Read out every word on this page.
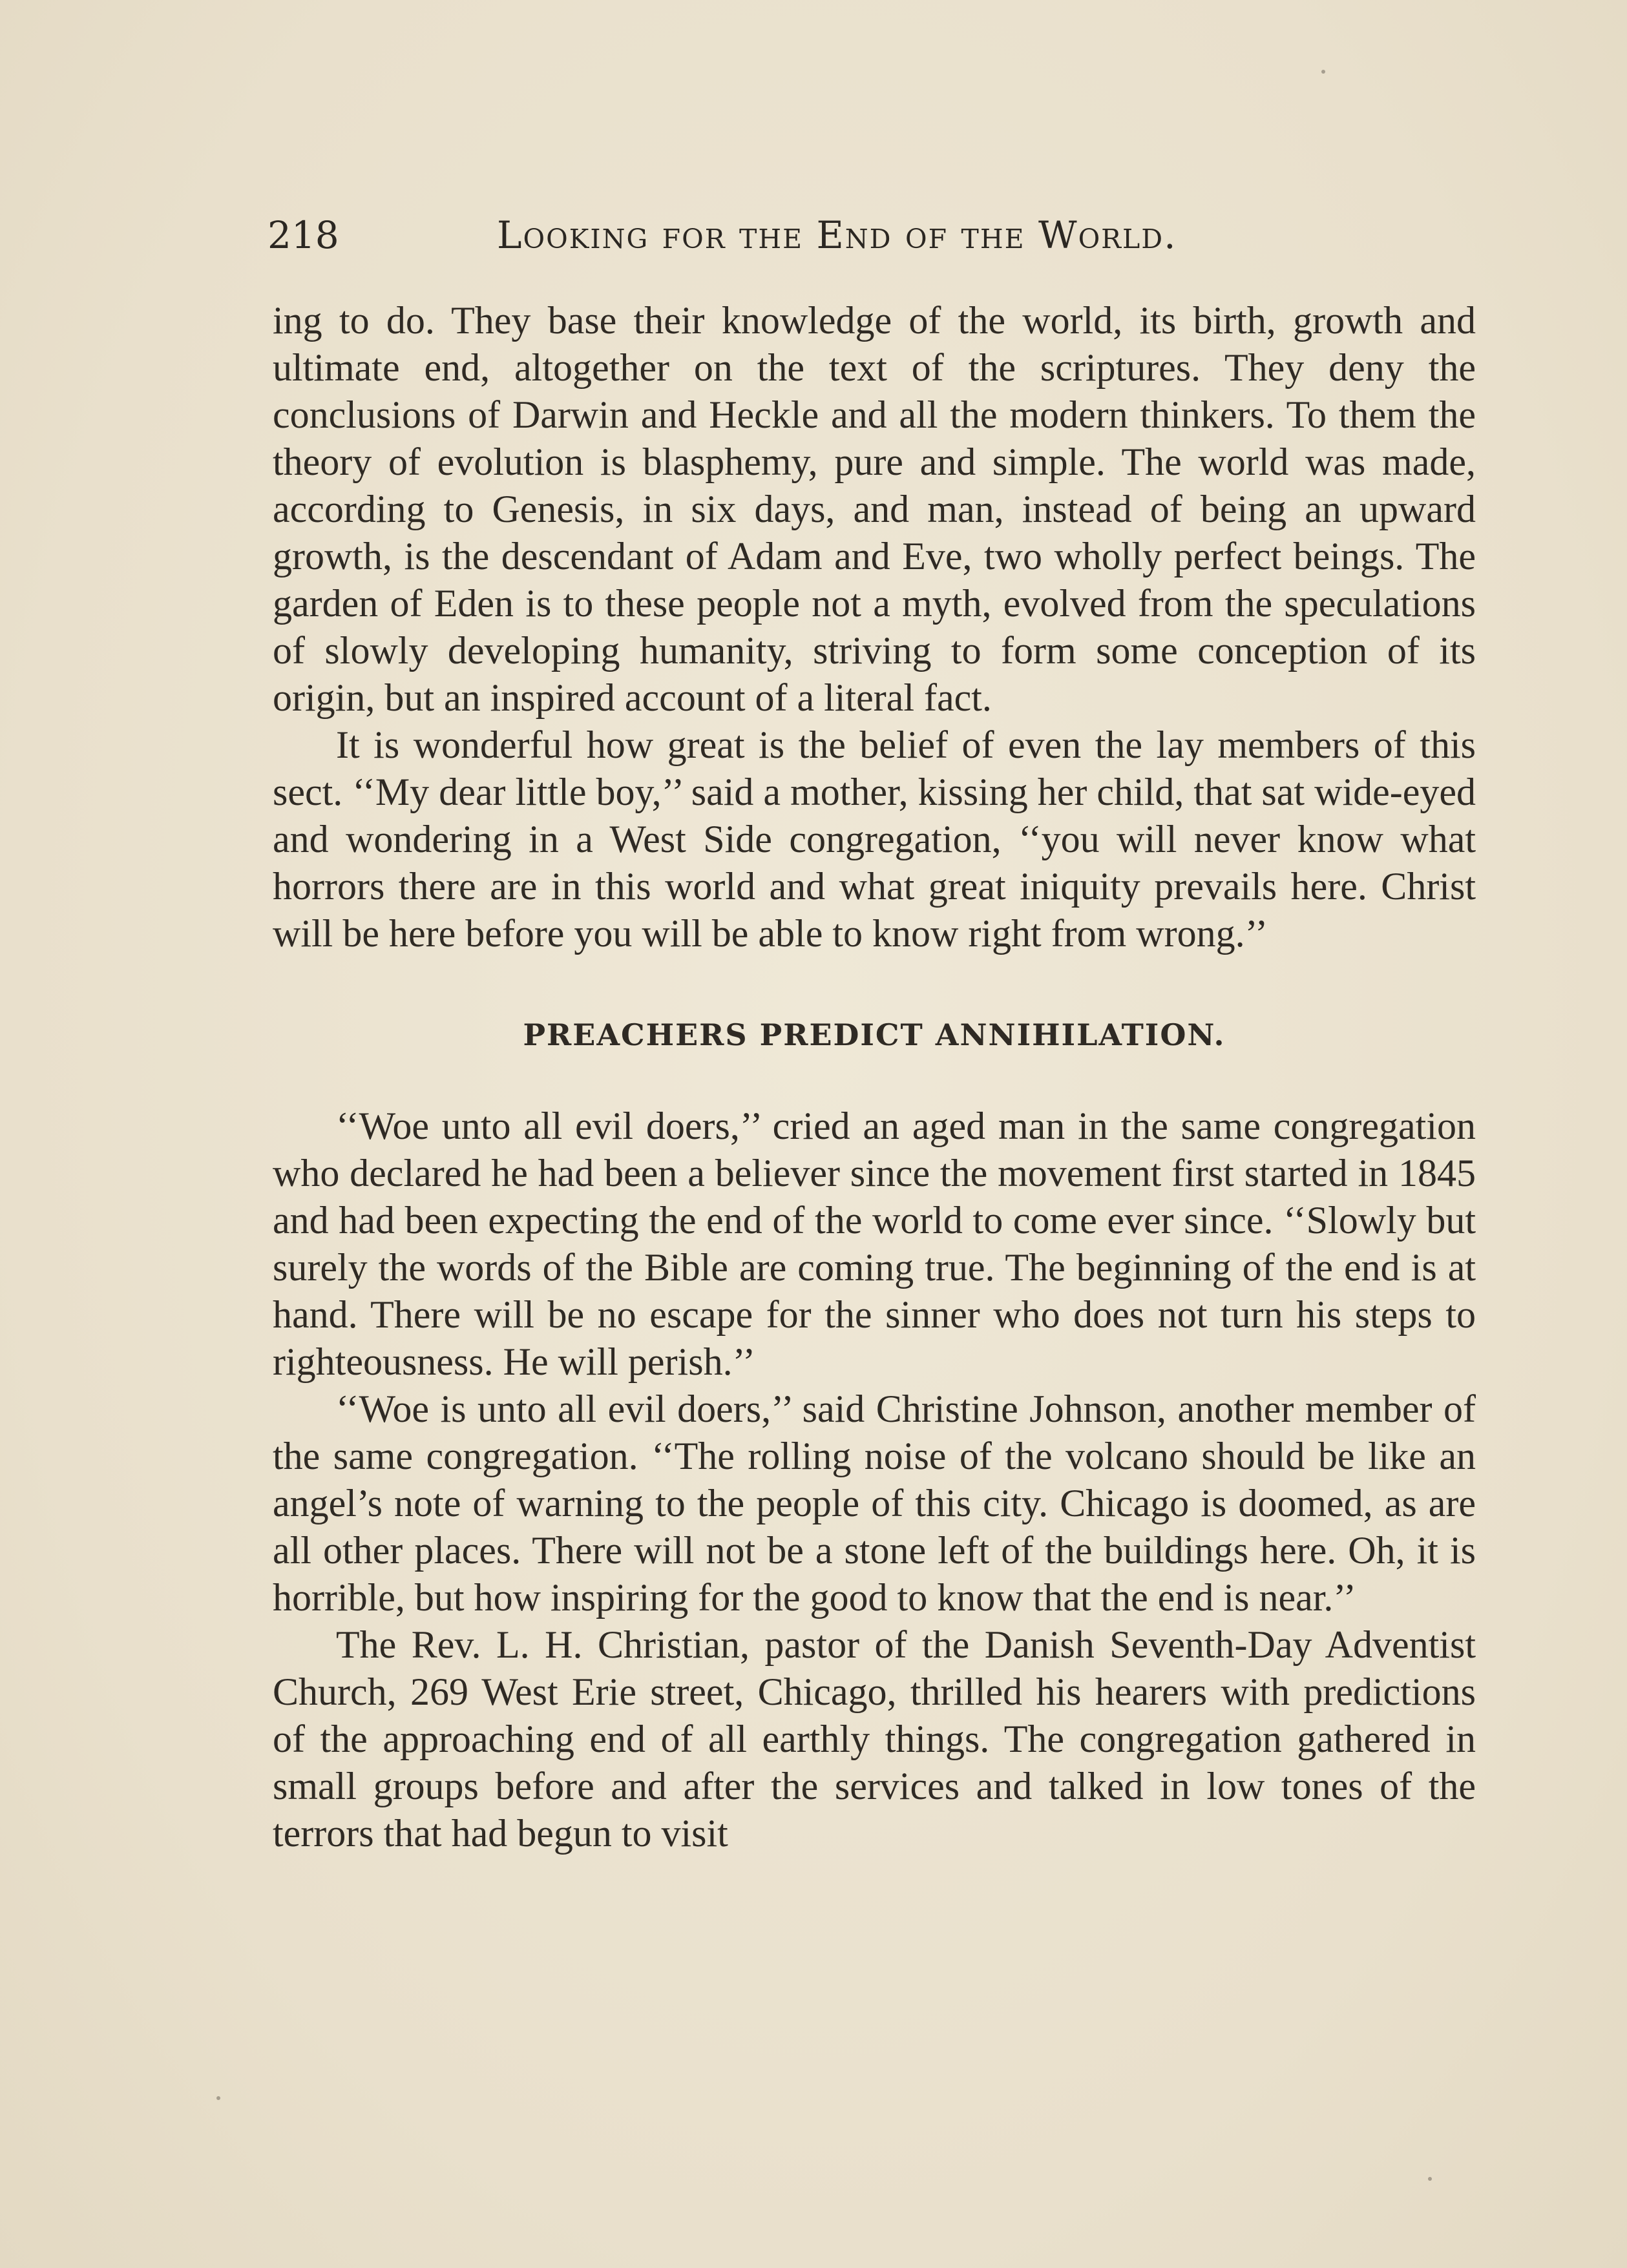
218	Looking for the End of the World.

ing to do. They base their knowledge of the world, its birth, growth and ultimate end, altogether on the text of the scriptures. They deny the conclusions of Darwin and Heckle and all the modern thinkers. To them the theory of evolution is blasphemy, pure and simple. The world was made, according to Genesis, in six days, and man, instead of being an upward growth, is the descendant of Adam and Eve, two wholly perfect beings. The garden of Eden is to these people not a myth, evolved from the speculations of slowly developing humanity, striving to form some conception of its origin, but an inspired account of a literal fact.

It is wonderful how great is the belief of even the lay members of this sect. ‘‘My dear little boy,’’ said a mother, kissing her child, that sat wide-eyed and wondering in a West Side congregation, ‘‘you will never know what horrors there are in this world and what great iniquity prevails here. Christ will be here before you will be able to know right from wrong.’’

PREACHERS PREDICT ANNIHILATION.

‘‘Woe unto all evil doers,’’ cried an aged man in the same congregation who declared he had been a believer since the movement first started in 1845 and had been expecting the end of the world to come ever since. ‘‘Slowly but surely the words of the Bible are coming true. The beginning of the end is at hand. There will be no escape for the sinner who does not turn his steps to righteousness. He will perish.’’

‘‘Woe is unto all evil doers,’’ said Christine Johnson, another member of the same congregation. ‘‘The rolling noise of the volcano should be like an angel’s note of warning to the people of this city. Chicago is doomed, as are all other places. There will not be a stone left of the buildings here. Oh, it is horrible, but how inspiring for the good to know that the end is near.’’

The Rev. L. H. Christian, pastor of the Danish Seventh-Day Adventist Church, 269 West Erie street, Chicago, thrilled his hearers with predictions of the approaching end of all earthly things. The congregation gathered in small groups before and after the services and talked in low tones of the terrors that had begun to visit
